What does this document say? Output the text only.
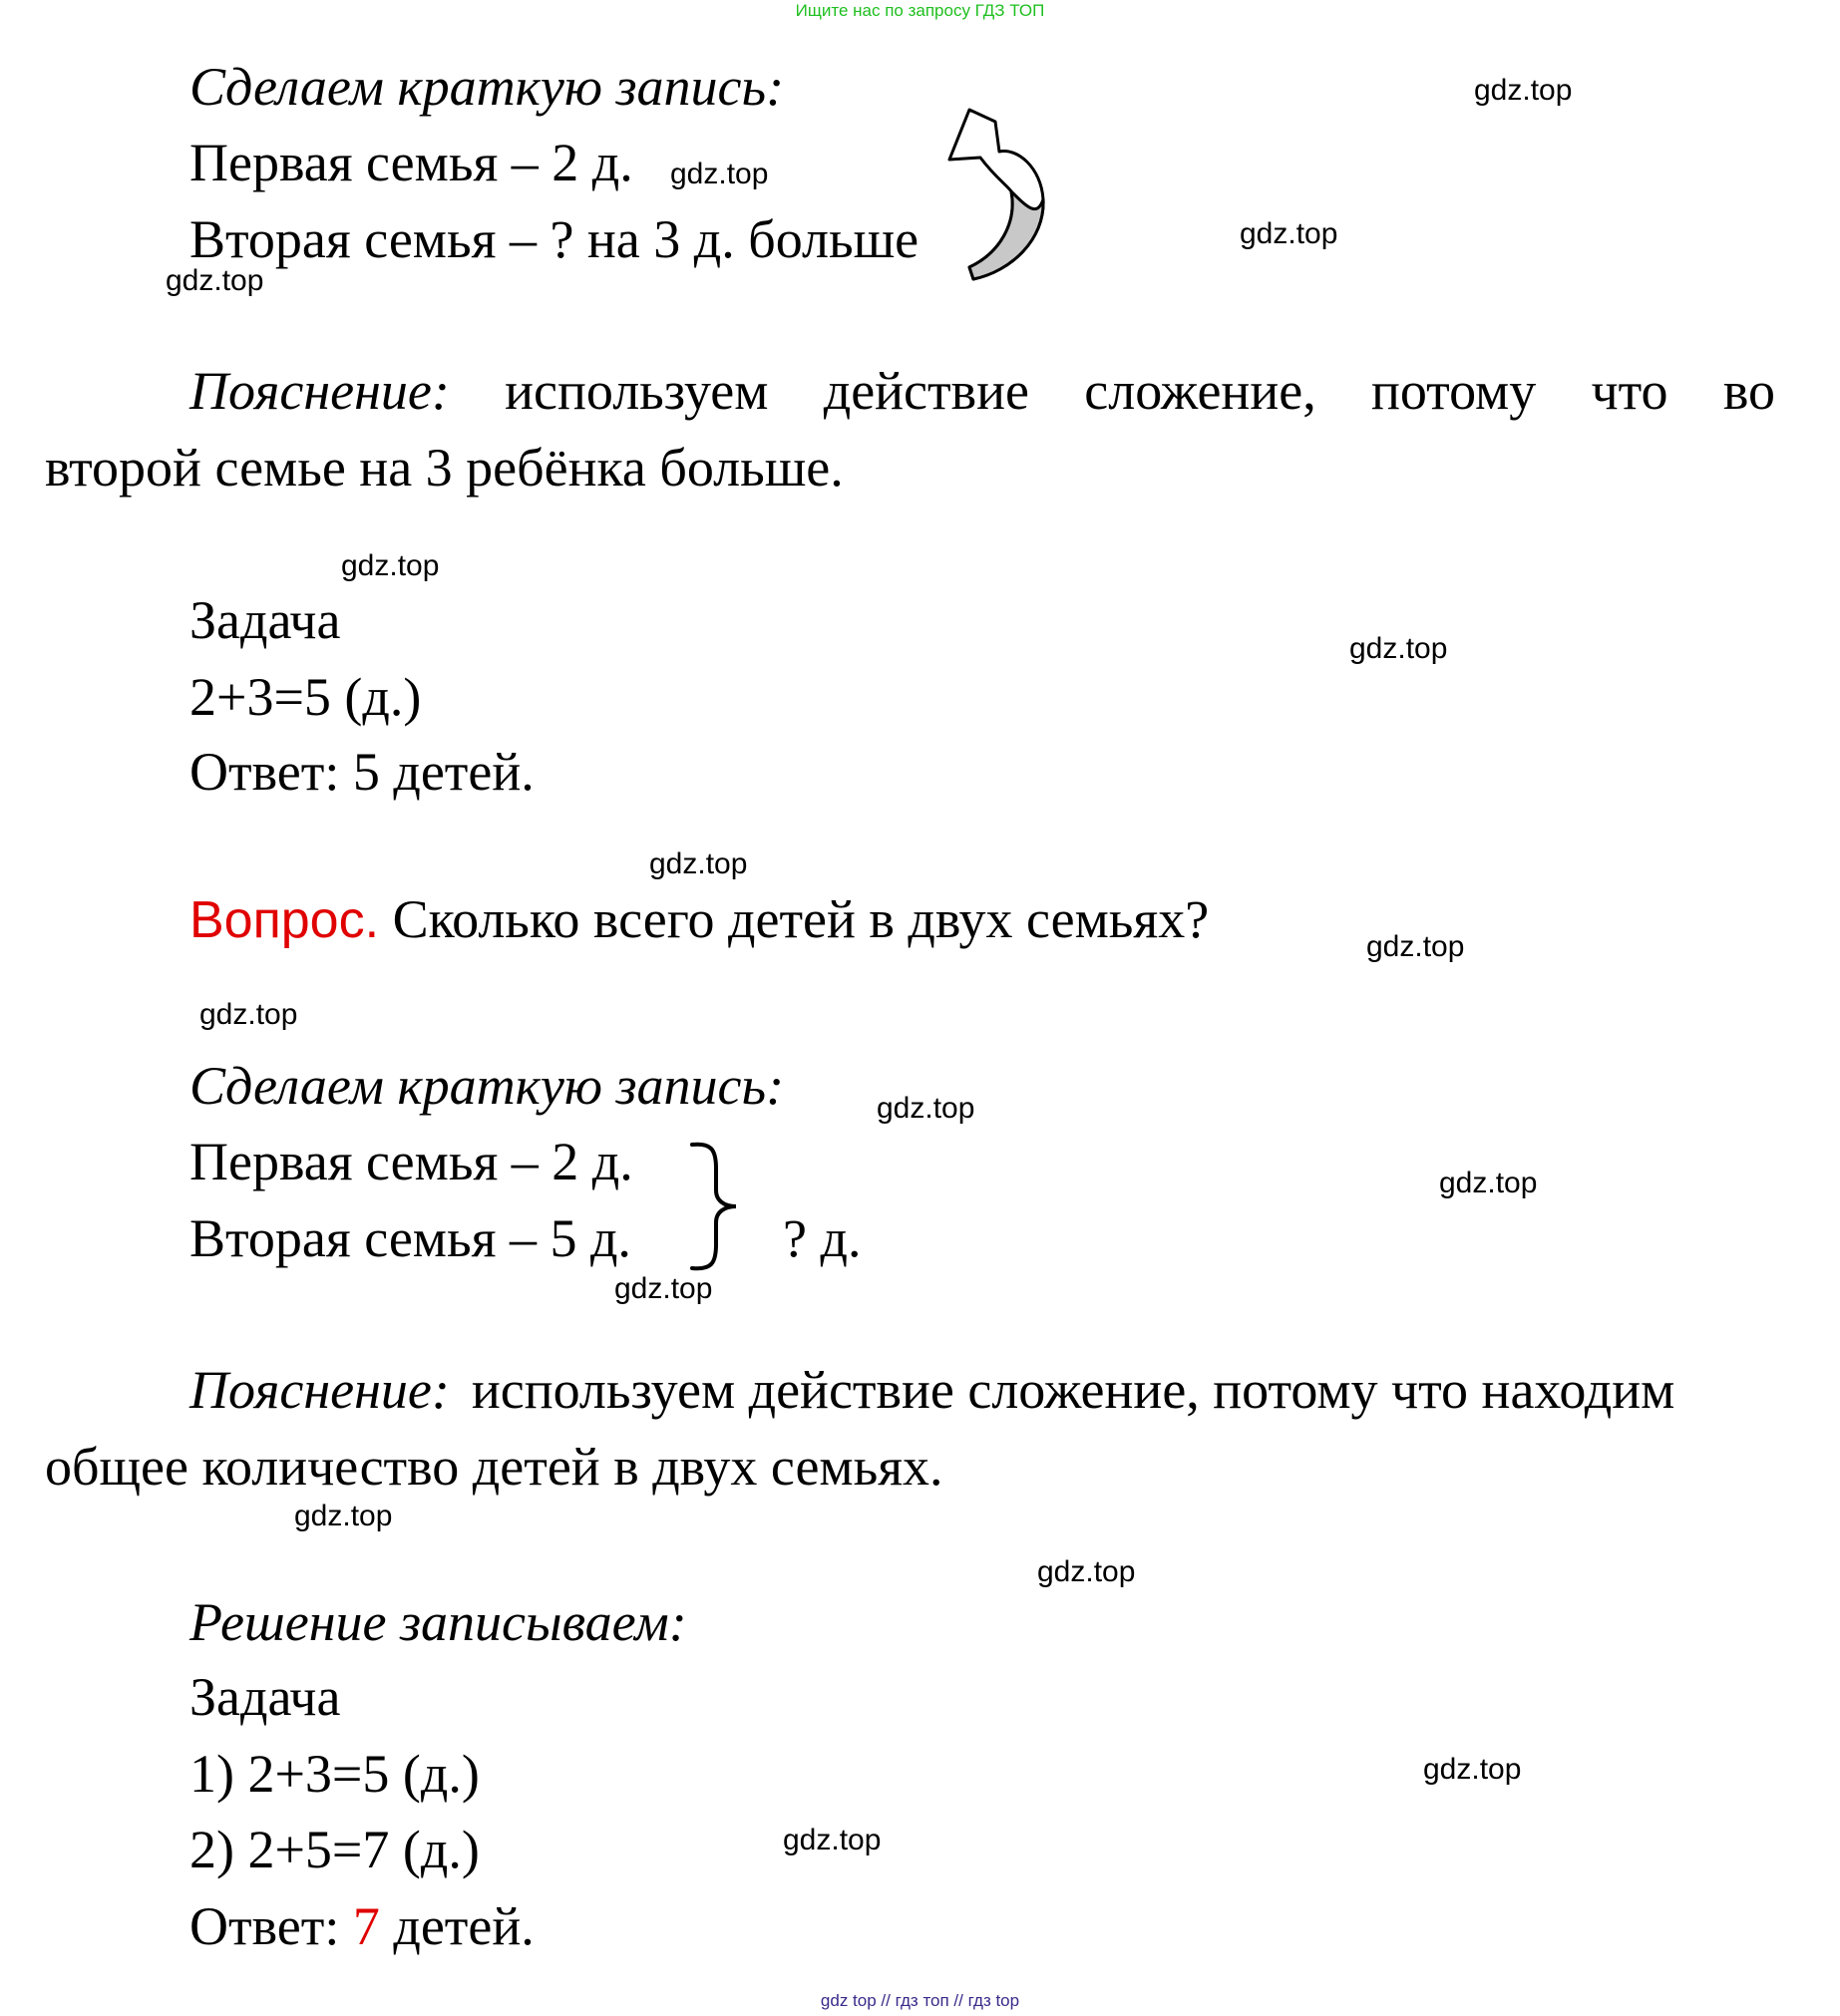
Ищите нас по запросу ГДЗ ТОП
Сделаем краткую запись:
Первая семья – 2 д.
Вторая семья – ? на 3 д. больше
Пояснение: используем действие сложение, потому что во
второй семье на 3 ребёнка больше.
Задача
2+3=5 (д.)
Ответ: 5 детей.
Вопрос. Сколько всего детей в двух семьях?
Сделаем краткую запись:
Первая семья – 2 д.
Вторая семья – 5 д.	? д.
Пояснение: используем действие сложение, потому что находим
общее количество детей в двух семьях.
Решение записываем:
Задача
1) 2+3=5 (д.)
2) 2+5=7 (д.)
Ответ: 7 детей.
gdz.top
gdz.top
gdz.top
gdz.top
gdz.top
gdz.top
gdz.top
gdz.top
gdz.top
gdz.top
gdz.top
gdz.top
gdz.top
gdz.top
gdz.top
gdz.top
gdz top // гдз топ // гдз top
